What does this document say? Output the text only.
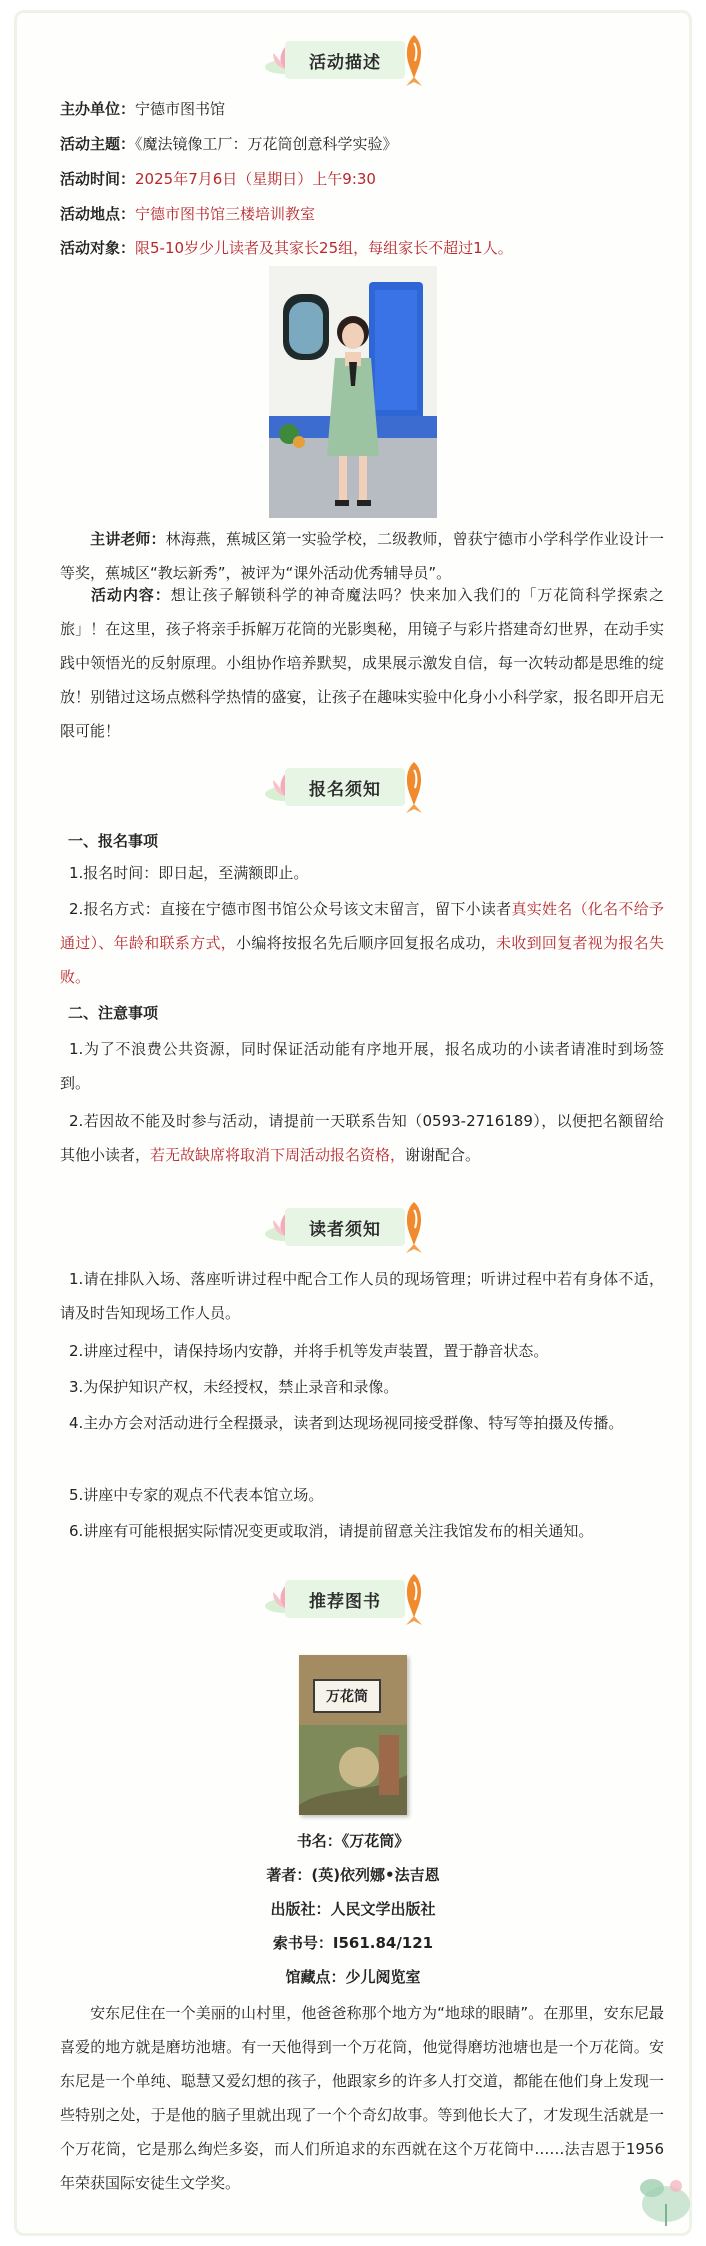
活动描述
主办单位：宁德市图书馆
活动主题：《魔法镜像工厂：万花筒创意科学实验》
活动时间：2025年7月6日（星期日）上午9:30
活动地点：宁德市图书馆三楼培训教室
活动对象：限5-10岁少儿读者及其家长25组，每组家长不超过1人。
主讲老师：林海燕，蕉城区第一实验学校，二级教师，曾获宁德市小学科学作业设计一等奖，蕉城区“教坛新秀”，被评为“课外活动优秀辅导员”。
活动内容：想让孩子解锁科学的神奇魔法吗？快来加入我们的「万花筒科学探索之旅」！在这里，孩子将亲手拆解万花筒的光影奥秘，用镜子与彩片搭建奇幻世界，在动手实践中领悟光的反射原理。小组协作培养默契，成果展示激发自信，每一次转动都是思维的绽放！别错过这场点燃科学热情的盛宴，让孩子在趣味实验中化身小小科学家，报名即开启无限可能！
报名须知
一、报名事项
1.报名时间：即日起，至满额即止。
2.报名方式：直接在宁德市图书馆公众号该文末留言，留下小读者真实姓名（化名不给予通过）、年龄和联系方式，小编将按报名先后顺序回复报名成功，未收到回复者视为报名失败。
二、注意事项
1.为了不浪费公共资源，同时保证活动能有序地开展，报名成功的小读者请准时到场签到。
2.若因故不能及时参与活动，请提前一天联系告知（0593-2716189），以便把名额留给其他小读者，若无故缺席将取消下周活动报名资格，谢谢配合。
读者须知
1.请在排队入场、落座听讲过程中配合工作人员的现场管理；听讲过程中若有身体不适，请及时告知现场工作人员。
2.讲座过程中，请保持场内安静，并将手机等发声装置，置于静音状态。
3.为保护知识产权，未经授权，禁止录音和录像。
4.主办方会对活动进行全程摄录，读者到达现场视同接受群像、特写等拍摄及传播。
5.讲座中专家的观点不代表本馆立场。
6.讲座有可能根据实际情况变更或取消，请提前留意关注我馆发布的相关通知。
推荐图书
万花筒
书名：《万花筒》
著者：(英)依列娜•法吉恩
出版社：人民文学出版社
索书号：I561.84/121
馆藏点：少儿阅览室
安东尼住在一个美丽的山村里，他爸爸称那个地方为“地球的眼睛”。在那里，安东尼最喜爱的地方就是磨坊池塘。有一天他得到一个万花筒，他觉得磨坊池塘也是一个万花筒。安东尼是一个单纯、聪慧又爱幻想的孩子，他跟家乡的许多人打交道，都能在他们身上发现一些特别之处，于是他的脑子里就出现了一个个奇幻故事。等到他长大了，才发现生活就是一个万花筒，它是那么绚烂多姿，而人们所追求的东西就在这个万花筒中……法吉恩于1956年荣获国际安徒生文学奖。
